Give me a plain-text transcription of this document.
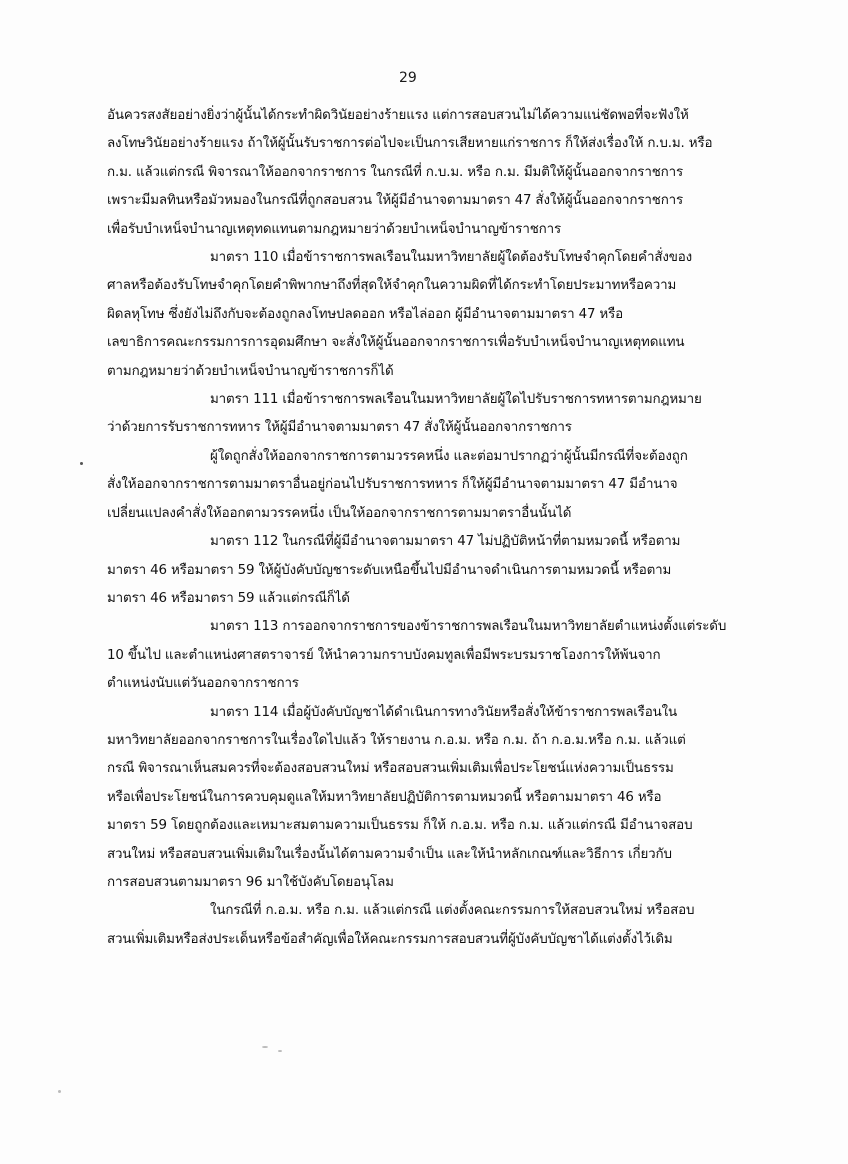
29

อันควรสงสัยอย่างยิ่งว่าผู้นั้นได้กระทำผิดวินัยอย่างร้ายแรง แต่การสอบสวนไม่ได้ความแน่ชัดพอที่จะฟังให้
ลงโทษวินัยอย่างร้ายแรง ถ้าให้ผู้นั้นรับราชการต่อไปจะเป็นการเสียหายแก่ราชการ ก็ให้ส่งเรื่องให้ ก.บ.ม. หรือ
ก.ม. แล้วแต่กรณี พิจารณาให้ออกจากราชการ ในกรณีที่ ก.บ.ม. หรือ ก.ม. มีมติให้ผู้นั้นออกจากราชการ
เพราะมีมลทินหรือมัวหมองในกรณีที่ถูกสอบสวน ให้ผู้มีอำนาจตามมาตรา 47 สั่งให้ผู้นั้นออกจากราชการ
เพื่อรับบำเหน็จบำนาญเหตุทดแทนตามกฎหมายว่าด้วยบำเหน็จบำนาญข้าราชการ

มาตรา 110 เมื่อข้าราชการพลเรือนในมหาวิทยาลัยผู้ใดต้องรับโทษจำคุกโดยคำสั่งของ
ศาลหรือต้องรับโทษจำคุกโดยคำพิพากษาถึงที่สุดให้จำคุกในความผิดที่ได้กระทำโดยประมาทหรือความ
ผิดลหุโทษ ซึ่งยังไม่ถึงกับจะต้องถูกลงโทษปลดออก หรือไล่ออก ผู้มีอำนาจตามมาตรา 47 หรือ
เลขาธิการคณะกรรมการการอุดมศึกษา จะสั่งให้ผู้นั้นออกจากราชการเพื่อรับบำเหน็จบำนาญเหตุทดแทน
ตามกฎหมายว่าด้วยบำเหน็จบำนาญข้าราชการก็ได้

มาตรา 111 เมื่อข้าราชการพลเรือนในมหาวิทยาลัยผู้ใดไปรับราชการทหารตามกฎหมาย
ว่าด้วยการรับราชการทหาร ให้ผู้มีอำนาจตามมาตรา 47 สั่งให้ผู้นั้นออกจากราชการ

ผู้ใดถูกสั่งให้ออกจากราชการตามวรรคหนึ่ง และต่อมาปรากฏว่าผู้นั้นมีกรณีที่จะต้องถูก
สั่งให้ออกจากราชการตามมาตราอื่นอยู่ก่อนไปรับราชการทหาร ก็ให้ผู้มีอำนาจตามมาตรา 47 มีอำนาจ
เปลี่ยนแปลงคำสั่งให้ออกตามวรรคหนึ่ง เป็นให้ออกจากราชการตามมาตราอื่นนั้นได้

มาตรา 112 ในกรณีที่ผู้มีอำนาจตามมาตรา 47 ไม่ปฏิบัติหน้าที่ตามหมวดนี้ หรือตาม
มาตรา 46 หรือมาตรา 59 ให้ผู้บังคับบัญชาระดับเหนือขึ้นไปมีอำนาจดำเนินการตามหมวดนี้ หรือตาม
มาตรา 46 หรือมาตรา 59 แล้วแต่กรณีก็ได้

มาตรา 113 การออกจากราชการของข้าราชการพลเรือนในมหาวิทยาลัยตำแหน่งตั้งแต่ระดับ
10 ขึ้นไป และตำแหน่งศาสตราจารย์ ให้นำความกราบบังคมทูลเพื่อมีพระบรมราชโองการให้พ้นจาก
ตำแหน่งนับแต่วันออกจากราชการ

มาตรา 114 เมื่อผู้บังคับบัญชาได้ดำเนินการทางวินัยหรือสั่งให้ข้าราชการพลเรือนใน
มหาวิทยาลัยออกจากราชการในเรื่องใดไปแล้ว ให้รายงาน ก.อ.ม. หรือ ก.ม. ถ้า ก.อ.ม.หรือ ก.ม. แล้วแต่
กรณี พิจารณาเห็นสมควรที่จะต้องสอบสวนใหม่ หรือสอบสวนเพิ่มเติมเพื่อประโยชน์แห่งความเป็นธรรม
หรือเพื่อประโยชน์ในการควบคุมดูแลให้มหาวิทยาลัยปฏิบัติการตามหมวดนี้ หรือตามมาตรา 46 หรือ
มาตรา 59 โดยถูกต้องและเหมาะสมตามความเป็นธรรม ก็ให้ ก.อ.ม. หรือ ก.ม. แล้วแต่กรณี มีอำนาจสอบ
สวนใหม่ หรือสอบสวนเพิ่มเติมในเรื่องนั้นได้ตามความจำเป็น และให้นำหลักเกณฑ์และวิธีการ เกี่ยวกับ
การสอบสวนตามมาตรา 96 มาใช้บังคับโดยอนุโลม

ในกรณีที่ ก.อ.ม. หรือ ก.ม. แล้วแต่กรณี แต่งตั้งคณะกรรมการให้สอบสวนใหม่ หรือสอบ
สวนเพิ่มเติมหรือส่งประเด็นหรือข้อสำคัญเพื่อให้คณะกรรมการสอบสวนที่ผู้บังคับบัญชาได้แต่งตั้งไว้เดิม
